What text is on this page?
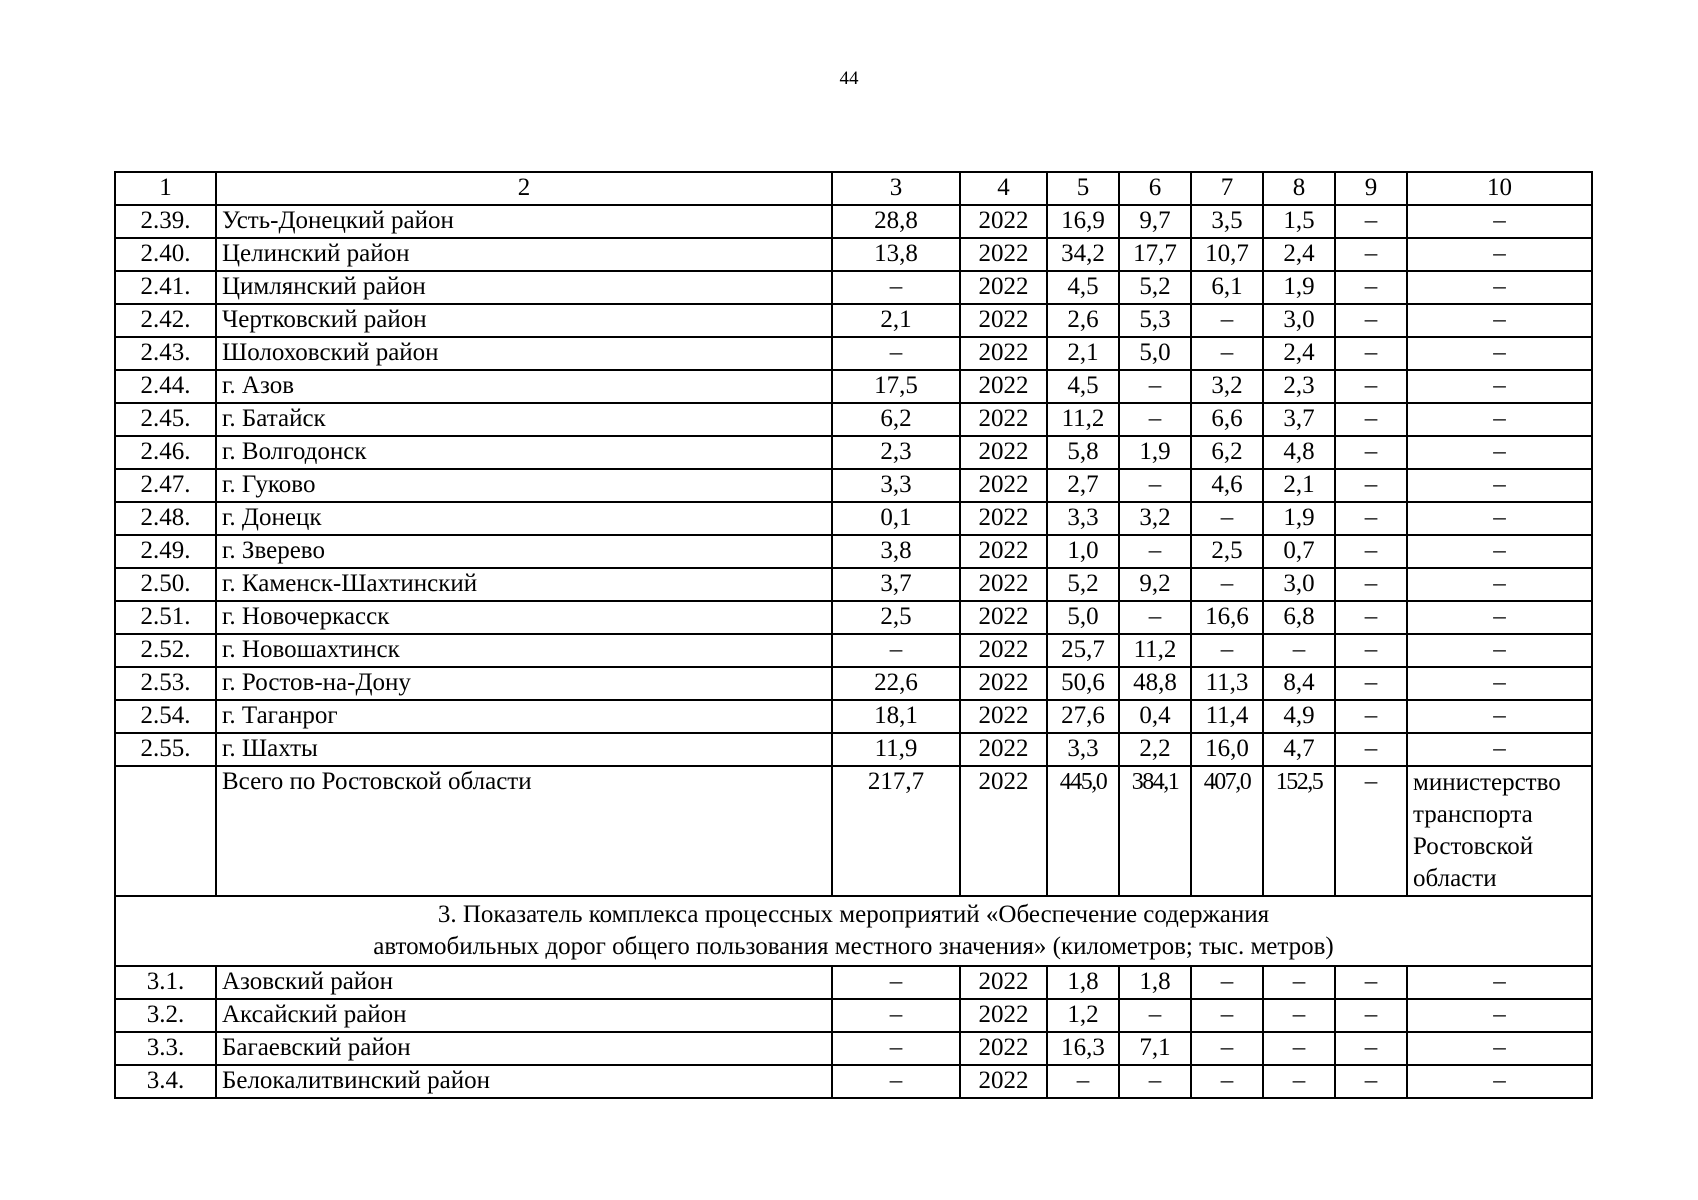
44
1	2	3	4	5	6	7	8	9	10
2.39.	Усть-Донецкий район	28,8	2022	16,9	9,7	3,5	1,5	–	–
2.40.	Целинский район	13,8	2022	34,2	17,7	10,7	2,4	–	–
2.41.	Цимлянский район	–	2022	4,5	5,2	6,1	1,9	–	–
2.42.	Чертковский район	2,1	2022	2,6	5,3	–	3,0	–	–
2.43.	Шолоховский район	–	2022	2,1	5,0	–	2,4	–	–
2.44.	г. Азов	17,5	2022	4,5	–	3,2	2,3	–	–
2.45.	г. Батайск	6,2	2022	11,2	–	6,6	3,7	–	–
2.46.	г. Волгодонск	2,3	2022	5,8	1,9	6,2	4,8	–	–
2.47.	г. Гуково	3,3	2022	2,7	–	4,6	2,1	–	–
2.48.	г. Донецк	0,1	2022	3,3	3,2	–	1,9	–	–
2.49.	г. Зверево	3,8	2022	1,0	–	2,5	0,7	–	–
2.50.	г. Каменск-Шахтинский	3,7	2022	5,2	9,2	–	3,0	–	–
2.51.	г. Новочеркасск	2,5	2022	5,0	–	16,6	6,8	–	–
2.52.	г. Новошахтинск	–	2022	25,7	11,2	–	–	–	–
2.53.	г. Ростов-на-Дону	22,6	2022	50,6	48,8	11,3	8,4	–	–
2.54.	г. Таганрог	18,1	2022	27,6	0,4	11,4	4,9	–	–
2.55.	г. Шахты	11,9	2022	3,3	2,2	16,0	4,7	–	–
	Всего по Ростовской области	217,7	2022	445,0	384,1	407,0	152,5	–	министерство транспорта Ростовской области
3. Показатель комплекса процессных мероприятий «Обеспечение содержания
автомобильных дорог общего пользования местного значения» (километров; тыс. метров)									
3.1.	Азовский район	–	2022	1,8	1,8	–	–	–	–
3.2.	Аксайский район	–	2022	1,2	–	–	–	–	–
3.3.	Багаевский район	–	2022	16,3	7,1	–	–	–	–
3.4.	Белокалитвинский район	–	2022	–	–	–	–	–	–
